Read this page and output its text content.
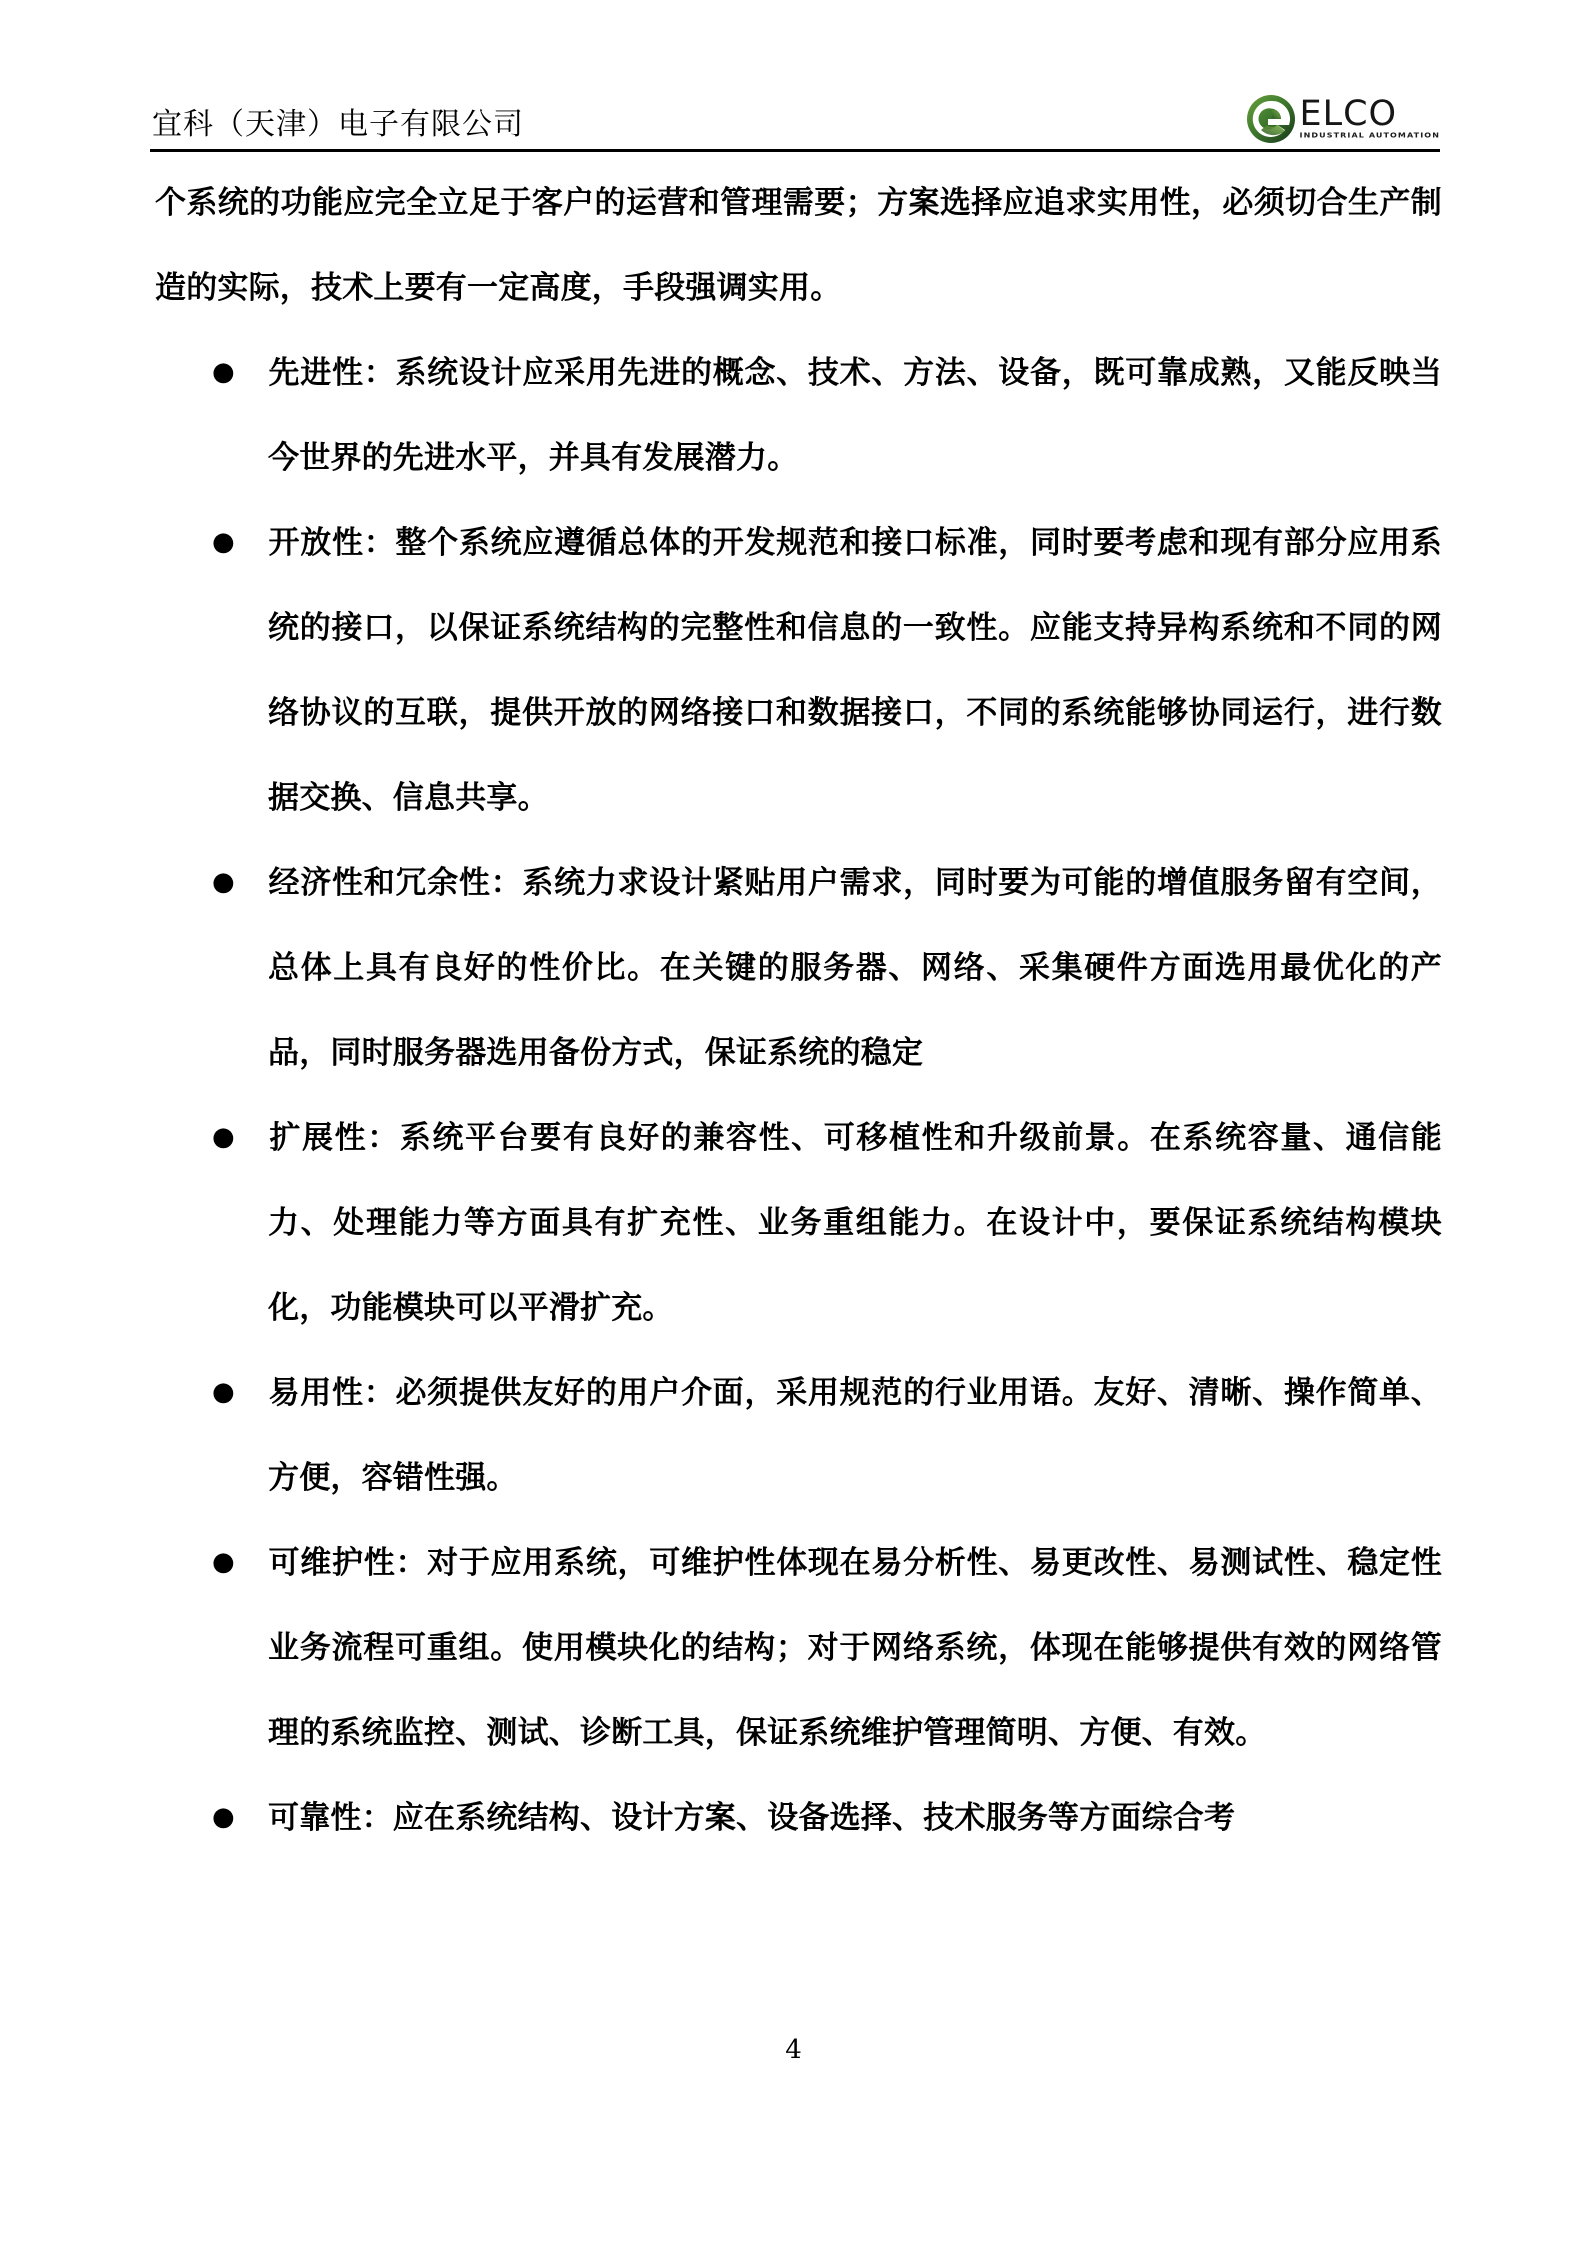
宜科（天津）电子有限公司	ELCO
INDUSTRIAL AUTOMATION

个系统的功能应完全立足于客户的运营和管理需要；方案选择应追求实用性，必须切合生产制造的实际，技术上要有一定高度，手段强调实用。

● 先进性：系统设计应采用先进的概念、技术、方法、设备，既可靠成熟，又能反映当今世界的先进水平，并具有发展潜力。

● 开放性：整个系统应遵循总体的开发规范和接口标准，同时要考虑和现有部分应用系统的接口，以保证系统结构的完整性和信息的一致性。应能支持异构系统和不同的网络协议的互联，提供开放的网络接口和数据接口，不同的系统能够协同运行，进行数据交换、信息共享。

● 经济性和冗余性：系统力求设计紧贴用户需求，同时要为可能的增值服务留有空间，总体上具有良好的性价比。在关键的服务器、网络、采集硬件方面选用最优化的产品，同时服务器选用备份方式，保证系统的稳定

● 扩展性：系统平台要有良好的兼容性、可移植性和升级前景。在系统容量、通信能力、处理能力等方面具有扩充性、业务重组能力。在设计中，要保证系统结构模块化，功能模块可以平滑扩充。

● 易用性：必须提供友好的用户介面，采用规范的行业用语。友好、清晰、操作简单、方便，容错性强。

● 可维护性：对于应用系统，可维护性体现在易分析性、易更改性、易测试性、稳定性业务流程可重组。使用模块化的结构；对于网络系统，体现在能够提供有效的网络管理的系统监控、测试、诊断工具，保证系统维护管理简明、方便、有效。

● 可靠性：应在系统结构、设计方案、设备选择、技术服务等方面综合考

4
